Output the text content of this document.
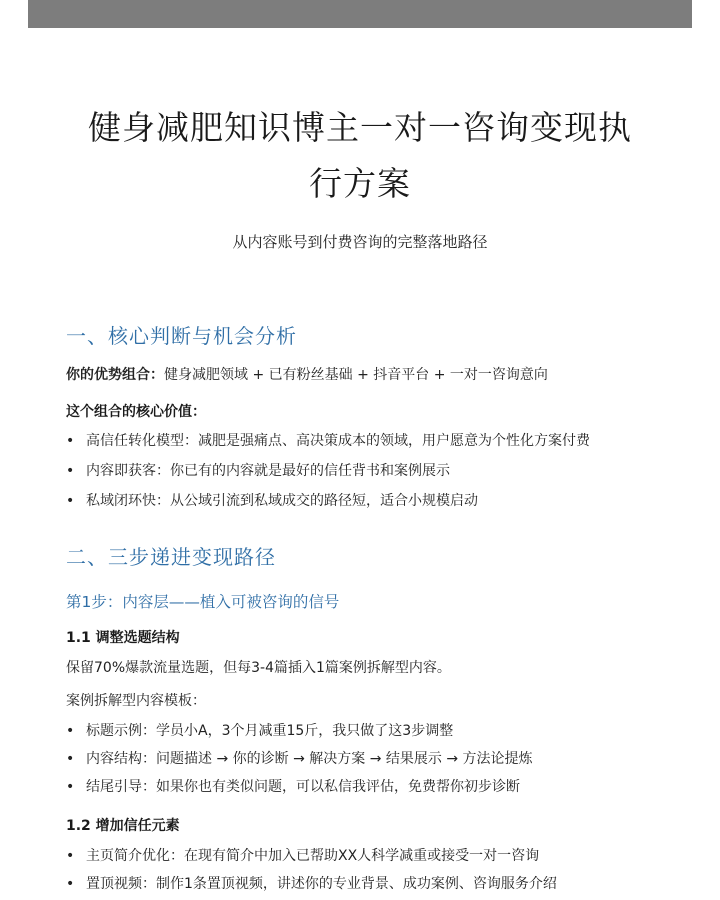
健身减肥知识博主一对一咨询变现执
行方案
从内容账号到付费咨询的完整落地路径
一、核心判断与机会分析
你的优势组合：健身减肥领域 + 已有粉丝基础 + 抖音平台 + 一对一咨询意向
这个组合的核心价值：
• 高信任转化模型：减肥是强痛点、高决策成本的领域，用户愿意为个性化方案付费
• 内容即获客：你已有的内容就是最好的信任背书和案例展示
• 私域闭环快：从公域引流到私域成交的路径短，适合小规模启动
二、三步递进变现路径
第1步：内容层——植入可被咨询的信号
1.1 调整选题结构
保留70%爆款流量选题，但每3-4篇插入1篇案例拆解型内容。
案例拆解型内容模板：
• 标题示例：学员小A，3个月减重15斤，我只做了这3步调整
• 内容结构：问题描述 → 你的诊断 → 解决方案 → 结果展示 → 方法论提炼
• 结尾引导：如果你也有类似问题，可以私信我评估，免费帮你初步诊断
1.2 增加信任元素
• 主页简介优化：在现有简介中加入已帮助XX人科学减重或接受一对一咨询
• 置顶视频：制作1条置顶视频，讲述你的专业背景、成功案例、咨询服务介绍
